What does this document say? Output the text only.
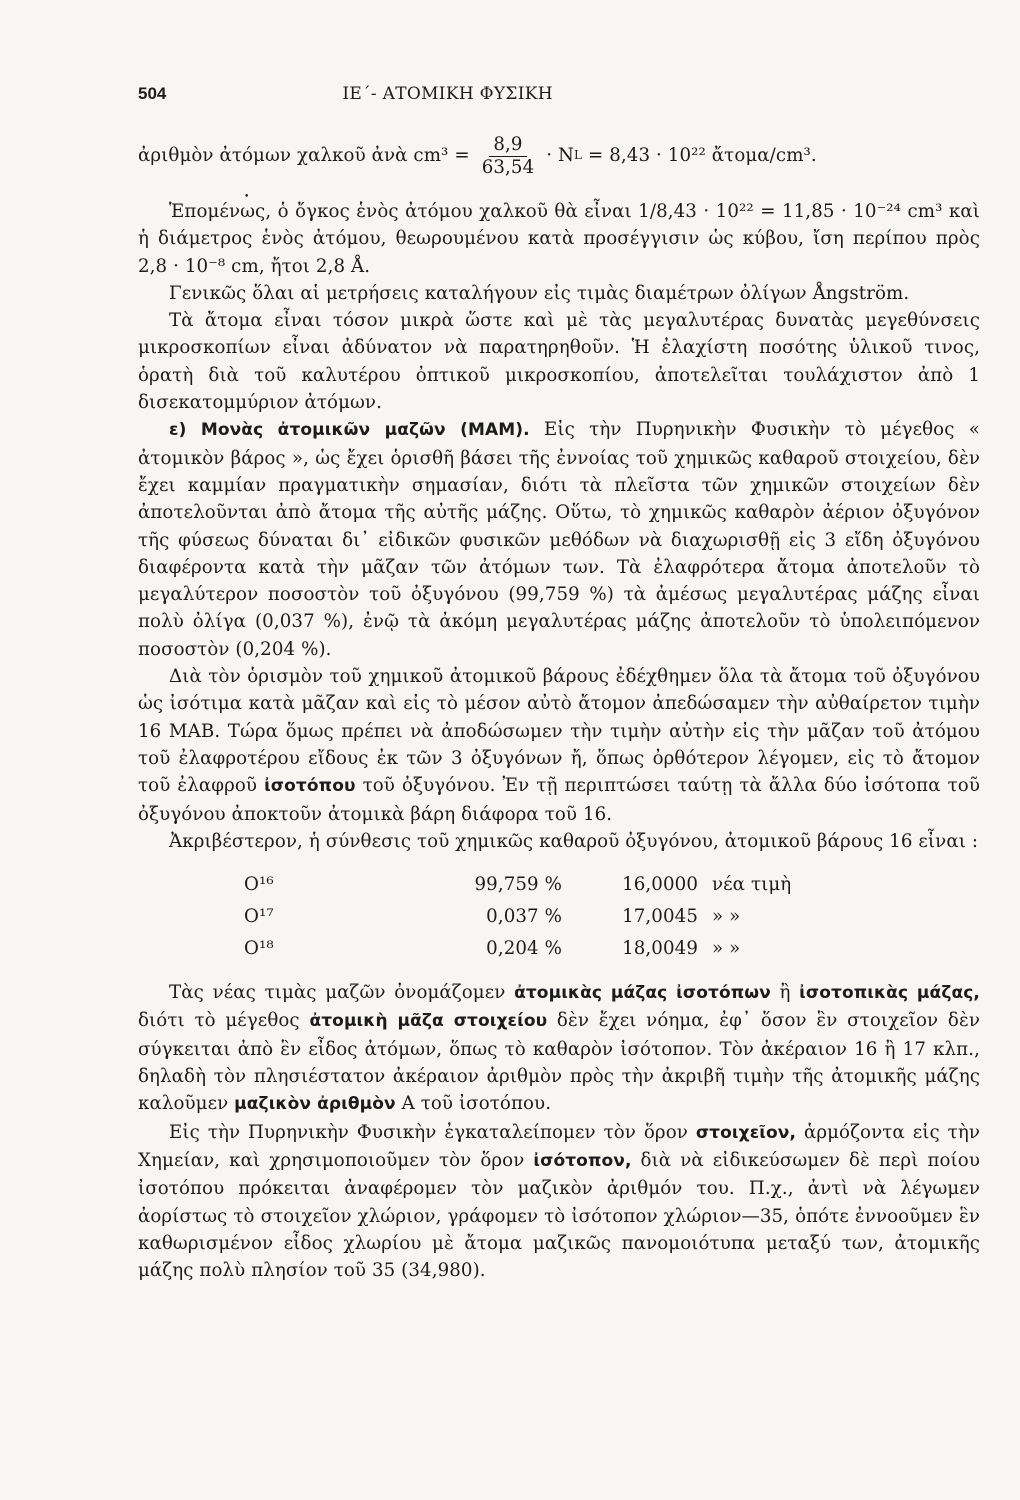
504	ΙΕ΄- ΑΤΟΜΙΚΗ ΦΥΣΙΚΗ
ἀριθμὸν ἀτόμων χαλκοῦ ἀνὰ $cm^3 = \frac{8,9}{63,54} \cdot N$ L
= 8,43 · 10²² ἄτομα/cm³.
•

Ἑπομένως, ὁ ὄγκος ἑνὸς ἀτόμου χαλκοῦ θὰ εἶναι 1/8,43 · 10²² = 11,85 · 10⁻²⁴ cm³ καὶ ἡ διάμετρος ἑνὸς ἀτόμου, θεωρουμένου κατὰ προσέγγισιν ὡς κύβου, ἴση περίπου πρὸς 2,8 · 10⁻⁸ cm, ἤτοι 2,8 Å.

Γενικῶς ὅλαι αἱ μετρήσεις καταλήγουν εἰς τιμὰς διαμέτρων ὀλίγων Ångström.

Τὰ ἄτομα εἶναι τόσον μικρὰ ὥστε καὶ μὲ τὰς μεγαλυτέρας δυνατὰς μεγεθύνσεις μικροσκοπίων εἶναι ἀδύνατον νὰ παρατηρηθοῦν. Ἡ ἐλαχίστη ποσότης ὑλικοῦ τινος, ὁρατὴ διὰ τοῦ καλυτέρου ὀπτικοῦ μικροσκοπίου, ἀποτελεῖται τουλάχιστον ἀπὸ 1 δισεκατομμύριον ἀτόμων.

ε) Μονὰς ἀτομικῶν μαζῶν (MAM). Εἰς τὴν Πυρηνικὴν Φυσικὴν τὸ μέγεθος « ἀτομικὸν βάρος », ὡς ἔχει ὁρισθῆ βάσει τῆς ἐννοίας τοῦ χημικῶς καθαροῦ στοιχείου, δὲν ἔχει καμμίαν πραγματικὴν σημασίαν, διότι τὰ πλεῖστα τῶν χημικῶν στοιχείων δὲν ἀποτελοῦνται ἀπὸ ἄτομα τῆς αὐτῆς μάζης. Οὕτω, τὸ χημικῶς καθαρὸν ἀέριον ὀξυγόνον τῆς φύσεως δύναται δι᾽ εἰδικῶν φυσικῶν μεθόδων νὰ διαχωρισθῇ εἰς 3 εἴδη ὀξυγόνου διαφέροντα κατὰ τὴν μᾶζαν τῶν ἀτόμων των. Τὰ ἐλαφρότερα ἄτομα ἀποτελοῦν τὸ μεγαλύτερον ποσοστὸν τοῦ ὀξυγόνου (99,759 %) τὰ ἀμέσως μεγαλυτέρας μάζης εἶναι πολὺ ὀλίγα (0,037 %), ἐνῷ τὰ ἀκόμη μεγαλυτέρας μάζης ἀποτελοῦν τὸ ὑπολειπόμενον ποσοστὸν (0,204 %).

Διὰ τὸν ὁρισμὸν τοῦ χημικοῦ ἀτομικοῦ βάρους ἐδέχθημεν ὅλα τὰ ἄτομα τοῦ ὀξυγόνου ὡς ἰσότιμα κατὰ μᾶζαν καὶ εἰς τὸ μέσον αὐτὸ ἄτομον ἀπεδώσαμεν τὴν αὐθαίρετον τιμὴν 16 ΜΑΒ. Τώρα ὅμως πρέπει νὰ ἀποδώσωμεν τὴν τιμὴν αὐτὴν εἰς τὴν μᾶζαν τοῦ ἀτόμου τοῦ ἐλαφροτέρου εἴδους ἐκ τῶν 3 ὀξυγόνων ἤ, ὅπως ὀρθότερον λέγομεν, εἰς τὸ ἄτομον τοῦ ἐλαφροῦ ἰσοτόπου τοῦ ὀξυγόνου. Ἐν τῇ περιπτώσει ταύτῃ τὰ ἄλλα δύο ἰσότοπα τοῦ ὀξυγόνου ἀποκτοῦν ἀτομικὰ βάρη διάφορα τοῦ 16.

Ἀκριβέστερον, ἡ σύνθεσις τοῦ χημικῶς καθαροῦ ὀξυγόνου, ἀτομικοῦ βάρους 16 εἶναι :

O¹⁶	99,759 %	16,0000	νέα τιμὴ
O¹⁷	0,037 %	17,0045	» »
O¹⁸	0,204 %	18,0049	» »

Τὰς νέας τιμὰς μαζῶν ὀνομάζομεν ἀτομικὰς μάζας ἰσοτόπων ἢ ἰσοτοπικὰς μάζας, διότι τὸ μέγεθος ἀτομικὴ μᾶζα στοιχείου δὲν ἔχει νόημα, ἐφ᾽ ὅσον ἓν στοιχεῖον δὲν σύγκειται ἀπὸ ἓν εἶδος ἀτόμων, ὅπως τὸ καθαρὸν ἰσότοπον. Τὸν ἀκέραιον 16 ἢ 17 κλπ., δηλαδὴ τὸν πλησιέστατον ἀκέραιον ἀριθμὸν πρὸς τὴν ἀκριβῆ τιμὴν τῆς ἀτομικῆς μάζης καλοῦμεν μαζικὸν ἀριθμὸν A τοῦ ἰσοτόπου.

Εἰς τὴν Πυρηνικὴν Φυσικὴν ἐγκαταλείπομεν τὸν ὅρον στοιχεῖον, ἁρμόζοντα εἰς τὴν Χημείαν, καὶ χρησιμοποιοῦμεν τὸν ὅρον ἰσότοπον, διὰ νὰ εἰδικεύσωμεν δὲ περὶ ποίου ἰσοτόπου πρόκειται ἀναφέρομεν τὸν μαζικὸν ἀριθμόν του. Π.χ., ἀντὶ νὰ λέγωμεν ἀορίστως τὸ στοιχεῖον χλώριον, γράφομεν τὸ ἰσότοπον χλώριον—35, ὁπότε ἐννοοῦμεν ἓν καθωρισμένον εἶδος χλωρίου μὲ ἄτομα μαζικῶς πανομοιότυπα μεταξύ των, ἀτομικῆς μάζης πολὺ πλησίον τοῦ 35 (34,980).
